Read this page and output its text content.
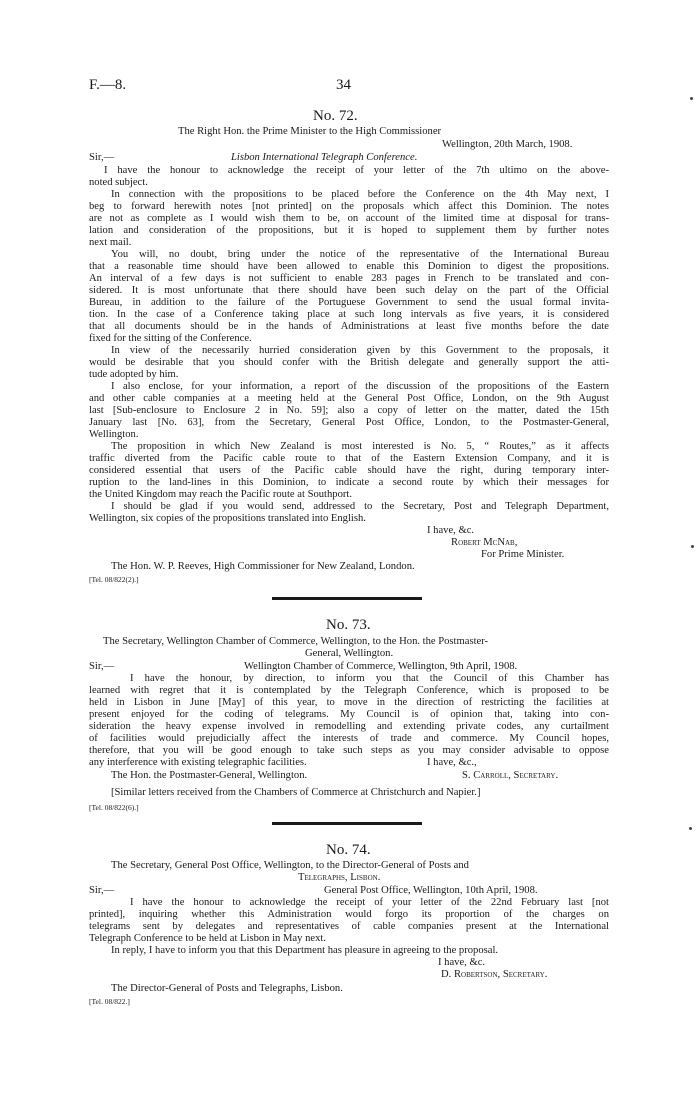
F.—8.	34
No. 72.
The Right Hon. the Prime Minister to the High Commissioner
Wellington, 20th March, 1908.
Sir,—	Lisbon International Telegraph Conference.
I have the honour to acknowledge the receipt of your letter of the 7th ultimo on the above-
noted subject.
In connection with the propositions to be placed before the Conference on the 4th May next, I
beg to forward herewith notes [not printed] on the proposals which affect this Dominion. The notes
are not as complete as I would wish them to be, on account of the limited time at disposal for trans-
lation and consideration of the propositions, but it is hoped to supplement them by further notes
next mail.
You will, no doubt, bring under the notice of the representative of the International Bureau
that a reasonable time should have been allowed to enable this Dominion to digest the propositions.
An interval of a few days is not sufficient to enable 283 pages in French to be translated and con-
sidered. It is most unfortunate that there should have been such delay on the part of the Official
Bureau, in addition to the failure of the Portuguese Government to send the usual formal invita-
tion. In the case of a Conference taking place at such long intervals as five years, it is considered
that all documents should be in the hands of Administrations at least five months before the date
fixed for the sitting of the Conference.
In view of the necessarily hurried consideration given by this Government to the proposals, it
would be desirable that you should confer with the British delegate and generally support the atti-
tude adopted by him.
I also enclose, for your information, a report of the discussion of the propositions of the Eastern
and other cable companies at a meeting held at the General Post Office, London, on the 9th August
last [Sub-enclosure to Enclosure 2 in No. 59]; also a copy of letter on the matter, dated the 15th
January last [No. 63], from the Secretary, General Post Office, London, to the Postmaster-General,
Wellington.
The proposition in which New Zealand is most interested is No. 5, “ Routes,” as it affects
traffic diverted from the Pacific cable route to that of the Eastern Extension Company, and it is
considered essential that users of the Pacific cable should have the right, during temporary inter-
ruption to the land-lines in this Dominion, to indicate a second route by which their messages for
the United Kingdom may reach the Pacific route at Southport.
I should be glad if you would send, addressed to the Secretary, Post and Telegraph Department,
Wellington, six copies of the propositions translated into English.
I have, &c.
Robert McNab,
For Prime Minister.
The Hon. W. P. Reeves, High Commissioner for New Zealand, London.
[Tel. 08/822(2).]
No. 73.
The Secretary, Wellington Chamber of Commerce, Wellington, to the Hon. the Postmaster-
General, Wellington.
Sir,—	Wellington Chamber of Commerce, Wellington, 9th April, 1908.
I have the honour, by direction, to inform you that the Council of this Chamber has
learned with regret that it is contemplated by the Telegraph Conference, which is proposed to be
held in Lisbon in June [May] of this year, to move in the direction of restricting the facilities at
present enjoyed for the coding of telegrams. My Council is of opinion that, taking into con-
sideration the heavy expense involved in remodelling and extending private codes, any curtailment
of facilities would prejudicially affect the interests of trade and commerce. My Council hopes,
therefore, that you will be good enough to take such steps as you may consider advisable to oppose
any interference with existing telegraphic facilities.	I have, &c.,
The Hon. the Postmaster-General, Wellington.	S. Carroll, Secretary.
[Similar letters received from the Chambers of Commerce at Christchurch and Napier.]
[Tel. 08/822(6).]
No. 74.
The Secretary, General Post Office, Wellington, to the Director-General of Posts and
Telegraphs, Lisbon.
Sir,—	General Post Office, Wellington, 10th April, 1908.
I have the honour to acknowledge the receipt of your letter of the 22nd February last [not
printed], inquiring whether this Administration would forgo its proportion of the charges on
telegrams sent by delegates and representatives of cable companies present at the International
Telegraph Conference to be held at Lisbon in May next.
In reply, I have to inform you that this Department has pleasure in agreeing to the proposal.
I have, &c.
D. Robertson, Secretary.
The Director-General of Posts and Telegraphs, Lisbon.
[Tel. 08/822.]
